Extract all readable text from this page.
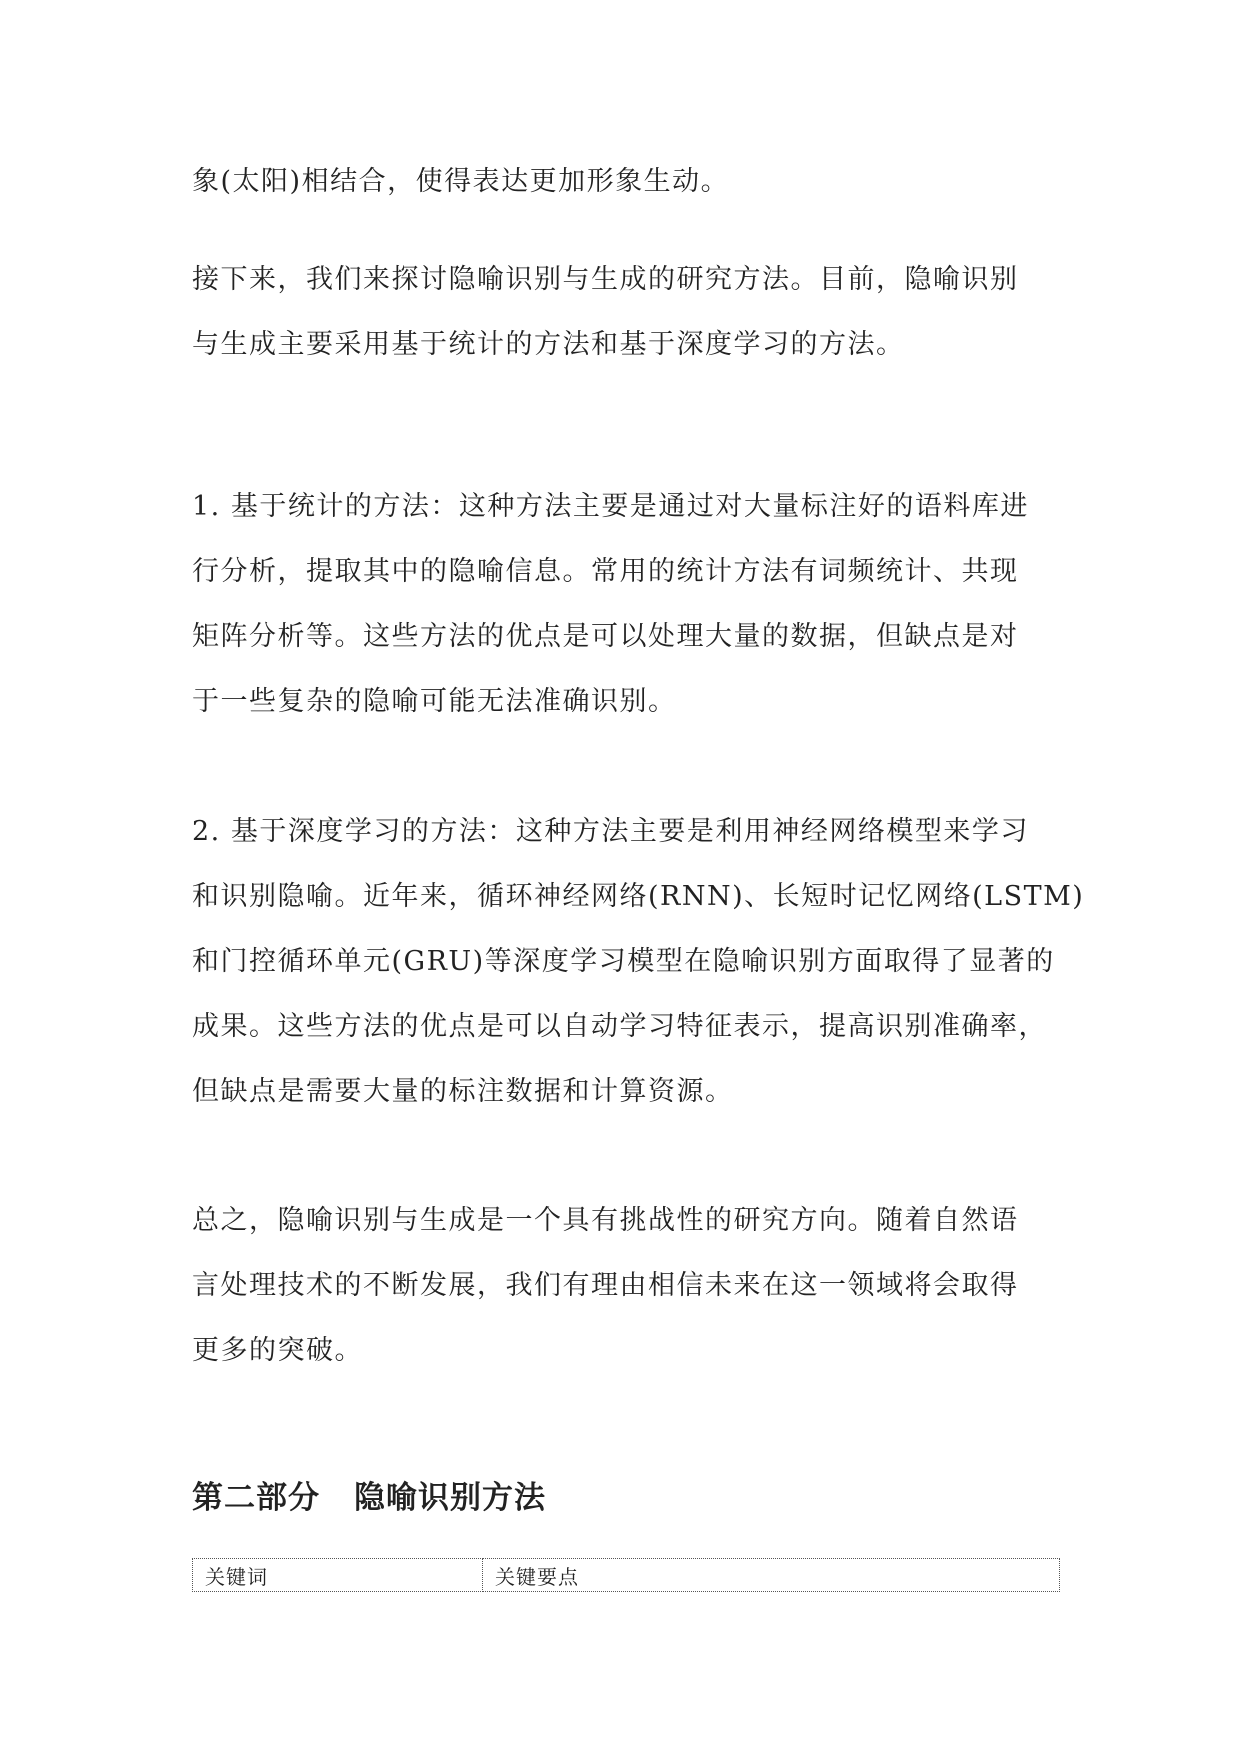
象(太阳)相结合，使得表达更加形象生动。

接下来，我们来探讨隐喻识别与生成的研究方法。目前，隐喻识别
与生成主要采用基于统计的方法和基于深度学习的方法。

1. 基于统计的方法：这种方法主要是通过对大量标注好的语料库进
行分析，提取其中的隐喻信息。常用的统计方法有词频统计、共现
矩阵分析等。这些方法的优点是可以处理大量的数据，但缺点是对
于一些复杂的隐喻可能无法准确识别。

2. 基于深度学习的方法：这种方法主要是利用神经网络模型来学习
和识别隐喻。近年来，循环神经网络(RNN)、长短时记忆网络(LSTM)
和门控循环单元(GRU)等深度学习模型在隐喻识别方面取得了显著的
成果。这些方法的优点是可以自动学习特征表示，提高识别准确率，
但缺点是需要大量的标注数据和计算资源。

总之，隐喻识别与生成是一个具有挑战性的研究方向。随着自然语
言处理技术的不断发展，我们有理由相信未来在这一领域将会取得
更多的突破。

第二部分 隐喻识别方法
关键词	关键要点
